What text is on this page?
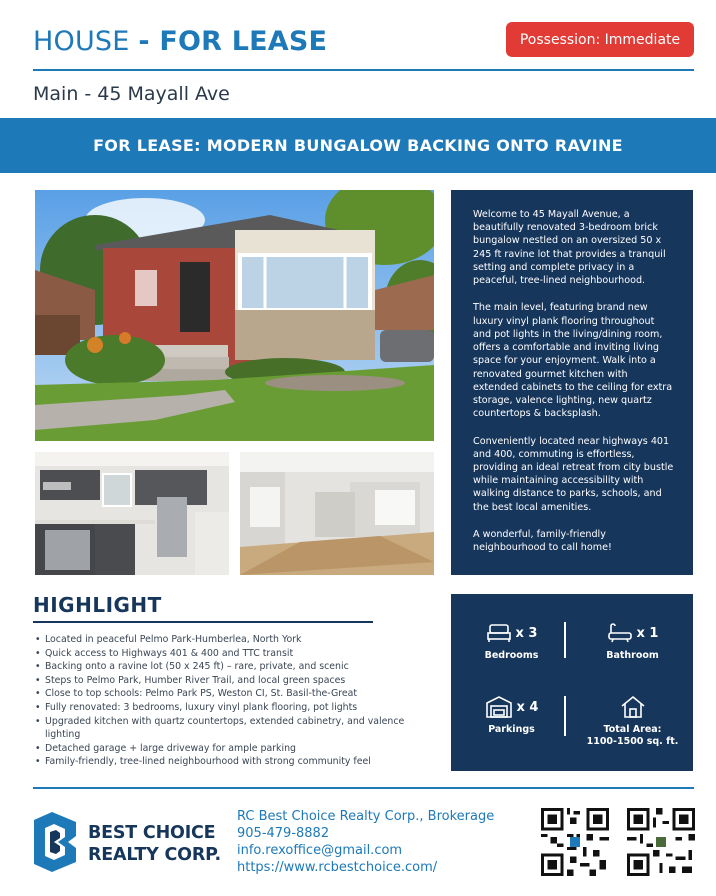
HOUSE - FOR LEASE	Possession: Immediate
Main - 45 Mayall Ave
FOR LEASE: MODERN BUNGALOW BACKING ONTO RAVINE

Welcome to 45 Mayall Avenue, a beautifully renovated 3-bedroom brick bungalow nestled on an oversized 50 x 245 ft ravine lot that provides a tranquil setting and complete privacy in a peaceful, tree-lined neighbourhood.

The main level, featuring brand new luxury vinyl plank flooring throughout and pot lights in the living/dining room, offers a comfortable and inviting living space for your enjoyment. Walk into a renovated gourmet kitchen with extended cabinets to the ceiling for extra storage, valence lighting, new quartz countertops & backsplash.

Conveniently located near highways 401 and 400, commuting is effortless, providing an ideal retreat from city bustle while maintaining accessibility with walking distance to parks, schools, and the best local amenities.

A wonderful, family-friendly neighbourhood to call home!

HIGHLIGHT
• Located in peaceful Pelmo Park-Humberlea, North York
• Quick access to Highways 401 & 400 and TTC transit
• Backing onto a ravine lot (50 x 245 ft) – rare, private, and scenic
• Steps to Pelmo Park, Humber River Trail, and local green spaces
• Close to top schools: Pelmo Park PS, Weston CI, St. Basil-the-Great
• Fully renovated: 3 bedrooms, luxury vinyl plank flooring, pot lights
• Upgraded kitchen with quartz countertops, extended cabinetry, and valence lighting
• Detached garage + large driveway for ample parking
• Family-friendly, tree-lined neighbourhood with strong community feel
x 3
Bedrooms
x 1
Bathroom
x 4
Parkings	Total Area:
1100-1500 sq. ft.
BEST CHOICE
REALTY CORP.
RC Best Choice Realty Corp., Brokerage
905-479-8882
info.rexoffice@gmail.com
https://www.rcbestchoice.com/
